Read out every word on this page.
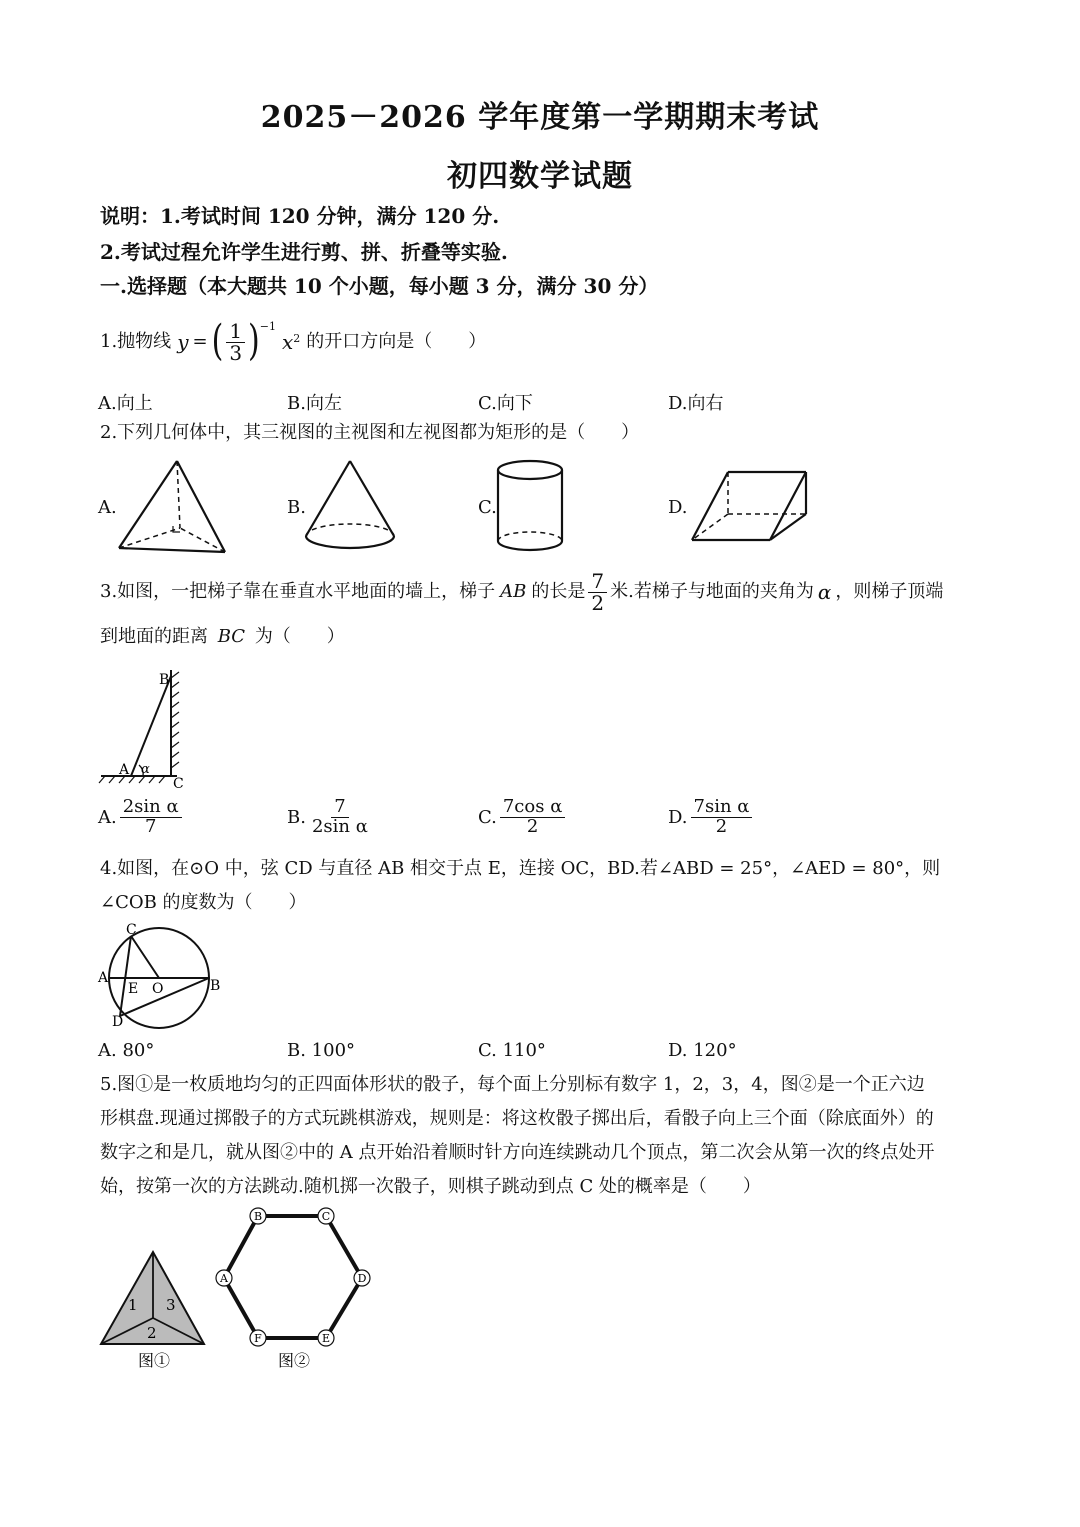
2025－2026 学年度第一学期期末考试
初四数学试题
说明：1.考试时间 120 分钟，满分 120 分.
2.考试过程允许学生进行剪、拼、折叠等实验.
一.选择题（本大题共 10 个小题，每小题 3 分，满分 30 分）
1.抛物线 y = ( $\frac{1}{3}$ ) −1
x 2 的开口方向是（　　）
A.向上	B.向左	C.向下	D.向右
2.下列几何体中，其三视图的主视图和左视图都为矩形的是（　　）
A.	B.	C.	D.
3.如图，一把梯子靠在垂直水平地面的墙上，梯子 AB 的长是 $\frac{7}{2}$ 米.若梯子与地面的夹角为 α ，则梯子顶端
到地面的距离 BC 为（　　）
B
A α
C
A. $\frac{\text{2sin α}}{7}$	B. $\frac{7}{\text{2sin α}}$	C. $\frac{\text{7cos α}}{2}$	D. $\frac{\text{7sin α}}{2}$
4.如图，在⊙O 中，弦 CD 与直径 AB 相交于点 E，连接 OC，BD.若∠ABD = 25°，∠AED = 80°，则
∠COB 的度数为（　　）
C
A
E O	B
D
A. 80°	B. 100°	C. 110°	D. 120°
5.图①是一枚质地均匀的正四面体形状的骰子，每个面上分别标有数字 1，2，3，4，图②是一个正六边
形棋盘.现通过掷骰子的方式玩跳棋游戏，规则是：将这枚骰子掷出后，看骰子向上三个面（除底面外）的
数字之和是几，就从图②中的 A 点开始沿着顺时针方向连续跳动几个顶点，第二次会从第一次的终点处开
始，按第一次的方法跳动.随机掷一次骰子，则棋子跳动到点 C 处的概率是（　　）
1
2
3
图①
B	C
D
E
F
A
图②
